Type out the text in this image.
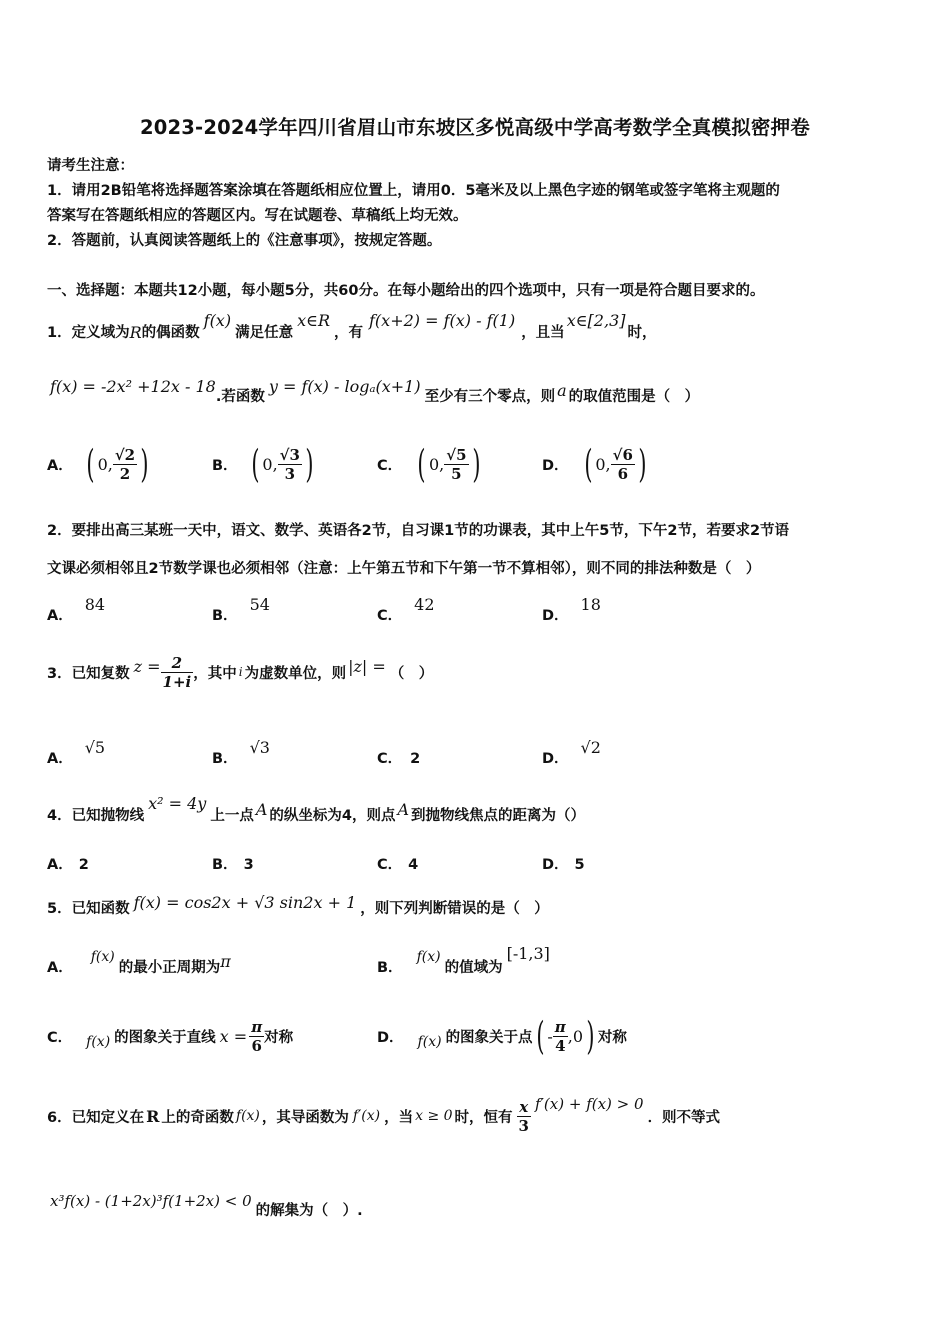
2023-2024学年四川省眉山市东坡区多悦高级中学高考数学全真模拟密押卷
请考生注意：
1．请用2B铅笔将选择题答案涂填在答题纸相应位置上，请用0．5毫米及以上黑色字迹的钢笔或签字笔将主观题的
答案写在答题纸相应的答题区内。写在试题卷、草稿纸上均无效。
2．答题前，认真阅读答题纸上的《注意事项》，按规定答题。
一、选择题：本题共12小题，每小题5分，共60分。在每小题给出的四个选项中，只有一项是符合题目要求的。
1．定义域为 R 的偶函数
f(x)
满足任意
x∈R
，有
f(x+2) = f(x) - f(1)
，且当
x∈[2,3]
时，
f(x) = -2x² +12x - 18
.若函数
y = f(x) - logₐ(x+1)
至少有三个零点，则 a 的取值范围是（　）
A． ( 0, $\frac{√2}{2}$ )	B． ( 0, $\frac{√3}{3}$ )	C． ( 0, $\frac{√5}{5}$ )	D． ( 0, $\frac{√6}{6}$ )
2．要排出高三某班一天中，语文、数学、英语各2节，自习课1节的功课表，其中上午5节，下午2节，若要求2节语
文课必须相邻且2节数学课也必须相邻（注意：上午第五节和下午第一节不算相邻），则不同的排法种数是（　）
A．84
B．54
C．42
D．18
3．已知复数 $z = \frac{2}{1+i}$ ，其中 i 为虚数单位，则 |z| = （　）
A．√5
B．√3
C． 2	D．√2
4．已知抛物线
x² = 4y
上一点 A 的纵坐标为4，则点 A 到抛物线焦点的距离为（）
A． 2	B． 3	C． 4	D． 5
5．已知函数 f(x) = cos2x + √3 sin2x + 1 ，则下列判断错误的是（　）
A．
f(x)
的最小正周期为 π	B．
f(x)
的值域为
[-1,3]
C． f(x) 的图象关于直线 $x = \frac{\pi}{6}$ 对称	D． f(x) 的图象关于点 ( - $\frac{\pi}{4} ,0$ ) 对称
6．已知定义在 R 上的奇函数 f(x) ，其导函数为 f′(x) ，当 x ≥ 0 时，恒有 $\frac{x}{3} f'(x) + f(x) > 0$
．则不等式
x³f(x) - (1+2x)³f(1+2x) < 0
的解集为（　）.
